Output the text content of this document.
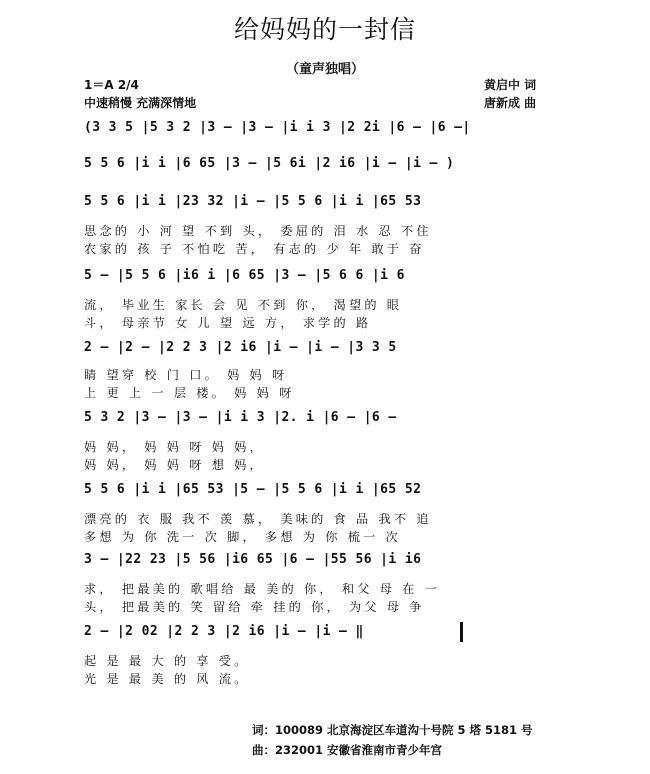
给妈妈的一封信
（童声独唱）
1＝A 2/4
中速稍慢 充满深情地
黄启中 词
唐新成 曲
(3 3 5 |5 3 2 |3 — |3 — |i i 3 |2 2i |6 — |6 —|
5 5 6 |i i |6 65 |3 — |5 6i |2 i6 |i — |i — )
5 5 6 |i i |23 32 |i — |5 5 6 |i i |65 53
思念的 小 河 望 不到 头， 委屈的 泪 水 忍 不住
农家的 孩 子 不怕吃 苦， 有志的 少 年 敢于 奋
5 — |5 5 6 |i6 i |6 65 |3 — |5 6 6 |i 6
流， 毕业生 家长 会 见 不到 你， 渴望的 眼
斗， 母亲节 女 儿 望 远 方， 求学的 路
2 — |2 — |2 2 3 |2 i6 |i — |i — |3 3 5
睛 望穿 校 门 口。 妈 妈 呀
上 更 上 一 层 楼。 妈 妈 呀
5 3 2 |3 — |3 — |i i 3 |2. i |6 — |6 —
妈 妈， 妈 妈 呀 妈 妈，
妈 妈， 妈 妈 呀 想 妈，
5 5 6 |i i |65 53 |5 — |5 5 6 |i i |65 52
漂亮的 衣 服 我不 羡 慕， 美味的 食 品 我不 追
多想 为 你 洗一 次 脚， 多想 为 你 梳一 次
3 — |22 23 |5 56 |i6 65 |6 — |55 56 |i i6
求， 把最美的 歌唱给 最 美的 你， 和父 母 在 一
头， 把最美的 笑 留给 牵 挂的 你， 为父 母 争
2 — |2 02 |2 2 3 |2 i6 |i — |i — ‖
起 是 最 大 的 享 受。
光 是 最 美 的 风 流。
词：100089 北京海淀区车道沟十号院 5 塔 5181 号
曲：232001 安徽省淮南市青少年宫
